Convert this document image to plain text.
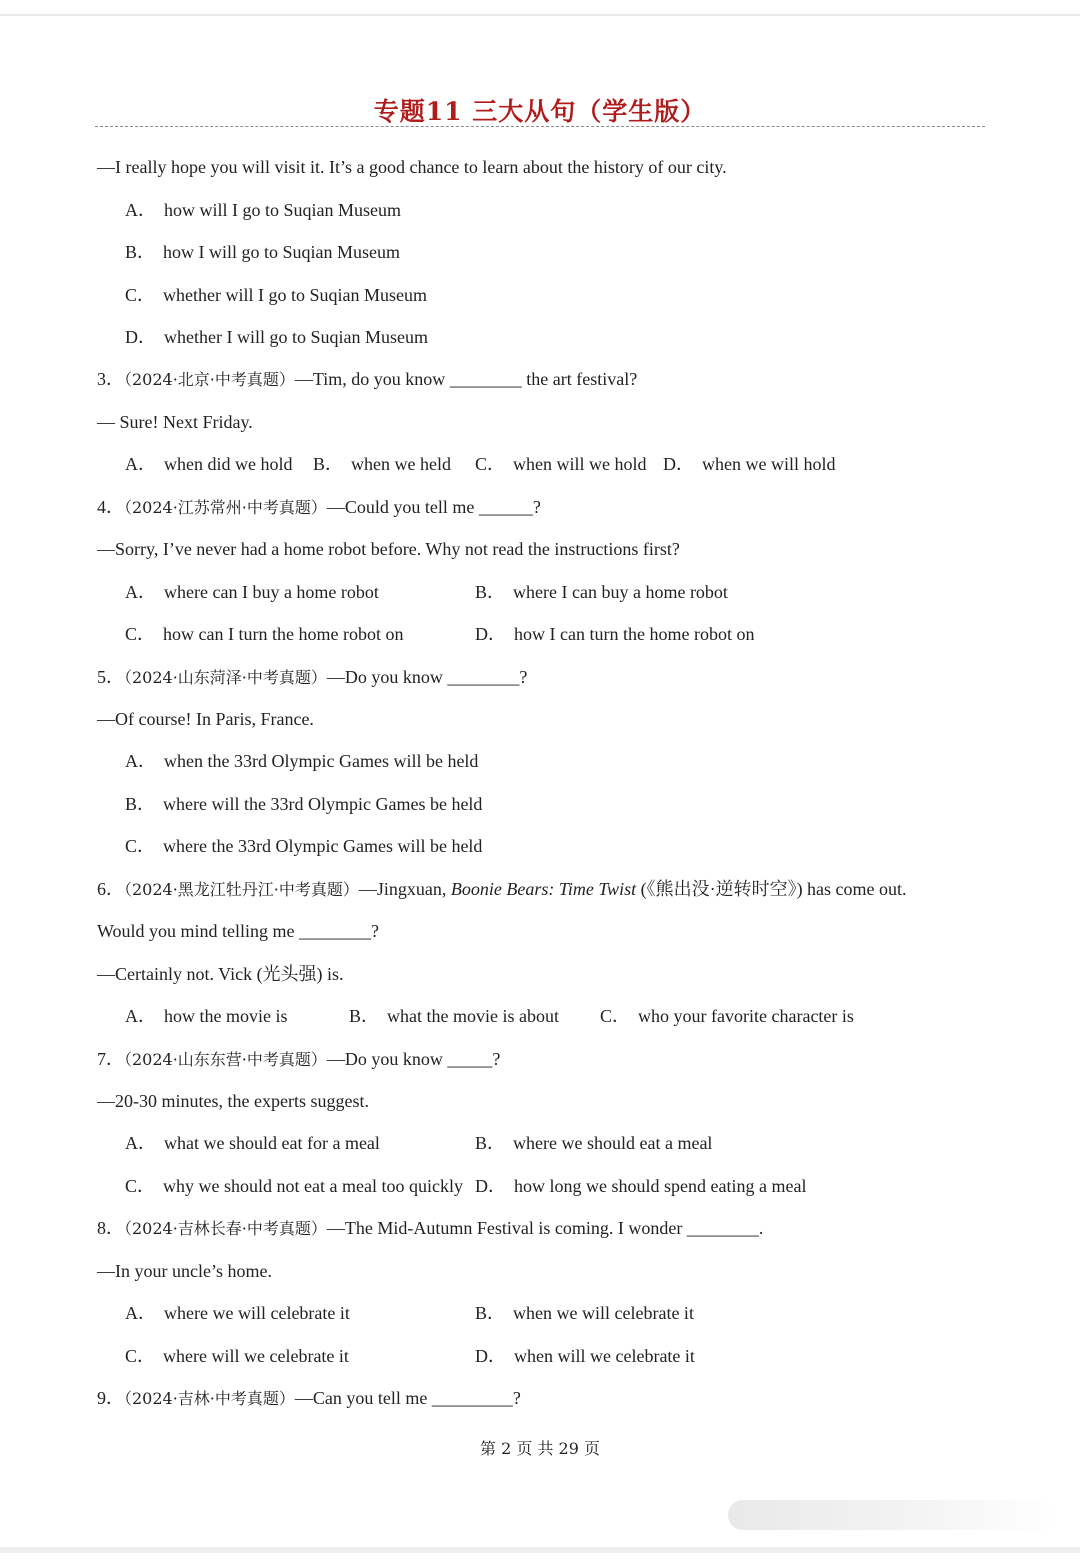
专题11 三大从句（学生版）
—I really hope you will visit it. It’s a good chance to learn about the history of our city.
A． how will I go to Suqian Museum
B． how I will go to Suqian Museum
C． whether will I go to Suqian Museum
D． whether I will go to Suqian Museum
3．（2024·北京·中考真题）—Tim, do you know ________ the art festival?
— Sure! Next Friday.
A． when did we hold B． when we held C． when will we hold D． when we will hold
4．（2024·江苏常州·中考真题）—Could you tell me ______?
—Sorry, I’ve never had a home robot before. Why not read the instructions first?
A． where can I buy a home robot	B． where I can buy a home robot
C． how can I turn the home robot on	D． how I can turn the home robot on
5．（2024·山东菏泽·中考真题）—Do you know ________?
—Of course! In Paris, France.
A． when the 33rd Olympic Games will be held
B． where will the 33rd Olympic Games be held
C． where the 33rd Olympic Games will be held
6．（2024·黑龙江牡丹江·中考真题）—Jingxuan, Boonie Bears: Time Twist (《熊出没·逆转时空》) has come out.
Would you mind telling me ________?
—Certainly not. Vick (光头强) is.
A． how the movie is	B． what the movie is about C． who your favorite character is
7．（2024·山东东营·中考真题）—Do you know _____?
—20-30 minutes, the experts suggest.
A． what we should eat for a meal	B． where we should eat a meal
C． why we should not eat a meal too quickly D． how long we should spend eating a meal
8．（2024·吉林长春·中考真题）—The Mid-Autumn Festival is coming. I wonder ________.
—In your uncle’s home.
A． where we will celebrate it	B． when we will celebrate it
C． where will we celebrate it	D． when will we celebrate it
9．（2024·吉林·中考真题）—Can you tell me _________?
第 2 页 共 29 页
